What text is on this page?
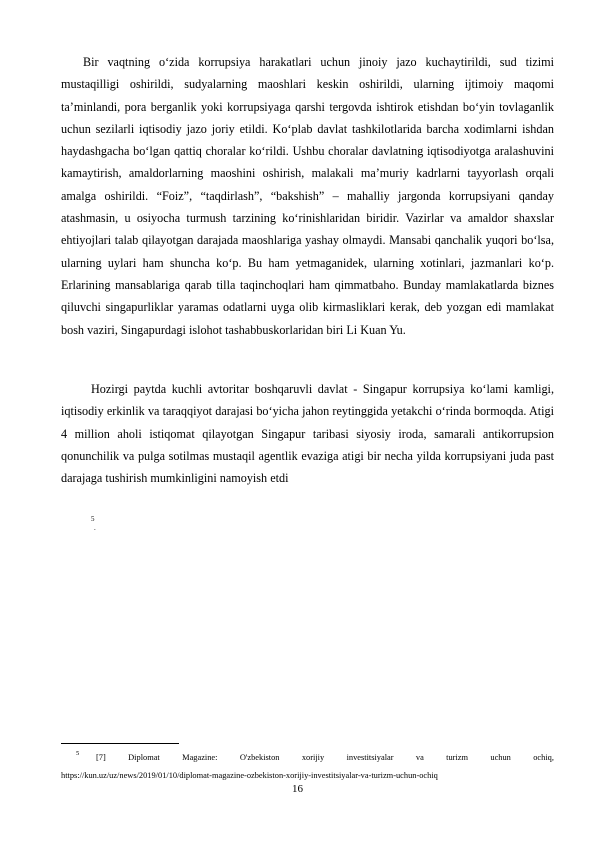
Bir vaqtning oʻzida korrupsiya harakatlari uchun jinoiy jazo kuchaytirildi, sud tizimi mustaqilligi oshirildi, sudyalarning maoshlari keskin oshirildi, ularning ijtimoiy maqomi taʼminlandi, pora berganlik yoki korrupsiyaga qarshi tergovda ishtirok etishdan boʻyin tovlaganlik uchun sezilarli iqtisodiy jazo joriy etildi. Koʻplab davlat tashkilotlarida barcha xodimlarni ishdan haydashgacha boʻlgan qattiq choralar koʻrildi. Ushbu choralar davlatning iqtisodiyotga aralashuvini kamaytirish, amaldorlarning maoshini oshirish, malakali maʼmuriy kadrlarni tayyorlash orqali amalga oshirildi. “Foiz”, “taqdirlash”, “bakshish” – mahalliy jargonda korrupsiyani qanday atashmasin, u osiyocha turmush tarzining koʻrinishlaridan biridir. Vazirlar va amaldor shaxslar ehtiyojlari talab qilayotgan darajada maoshlariga yashay olmaydi. Mansabi qanchalik yuqori boʻlsa, ularning uylari ham shuncha koʻp. Bu ham yetmaganidek, ularning xotinlari, jazmanlari koʻp. Erlarining mansablariga qarab tilla taqinchoqlari ham qimmatbaho. Bunday mamlakatlarda biznes qiluvchi singapurliklar yaramas odatlarni uyga olib kirmasliklari kerak, deb yozgan edi mamlakat bosh vaziri, Singapurdagi islohot tashabbuskorlaridan biri Li Kuan Yu.

Hozirgi paytda kuchli avtoritar boshqaruvli davlat - Singapur korrupsiya koʻlami kamligi, iqtisodiy erkinlik va taraqqiyot darajasi boʻyicha jahon reytinggida yetakchi oʻrinda bormoqda. Atigi 4 million aholi istiqomat qilayotgan Singapur taribasi siyosiy iroda, samarali antikorrupsion qonunchilik va pulga sotilmas mustaqil agentlik evaziga atigi bir necha yilda korrupsiyani juda past darajaga tushirish mumkinligini namoyish etdi

5
.
5 [7]	Diplomat	Magazine:	O'zbekiston	xorijiy	investitsiyalar	va	turizm	uchun	ochiq,
https://kun.uz/uz/news/2019/01/10/diplomat-magazine-ozbekiston-xorijiy-investitsiyalar-va-turizm-uchun-ochiq
16
